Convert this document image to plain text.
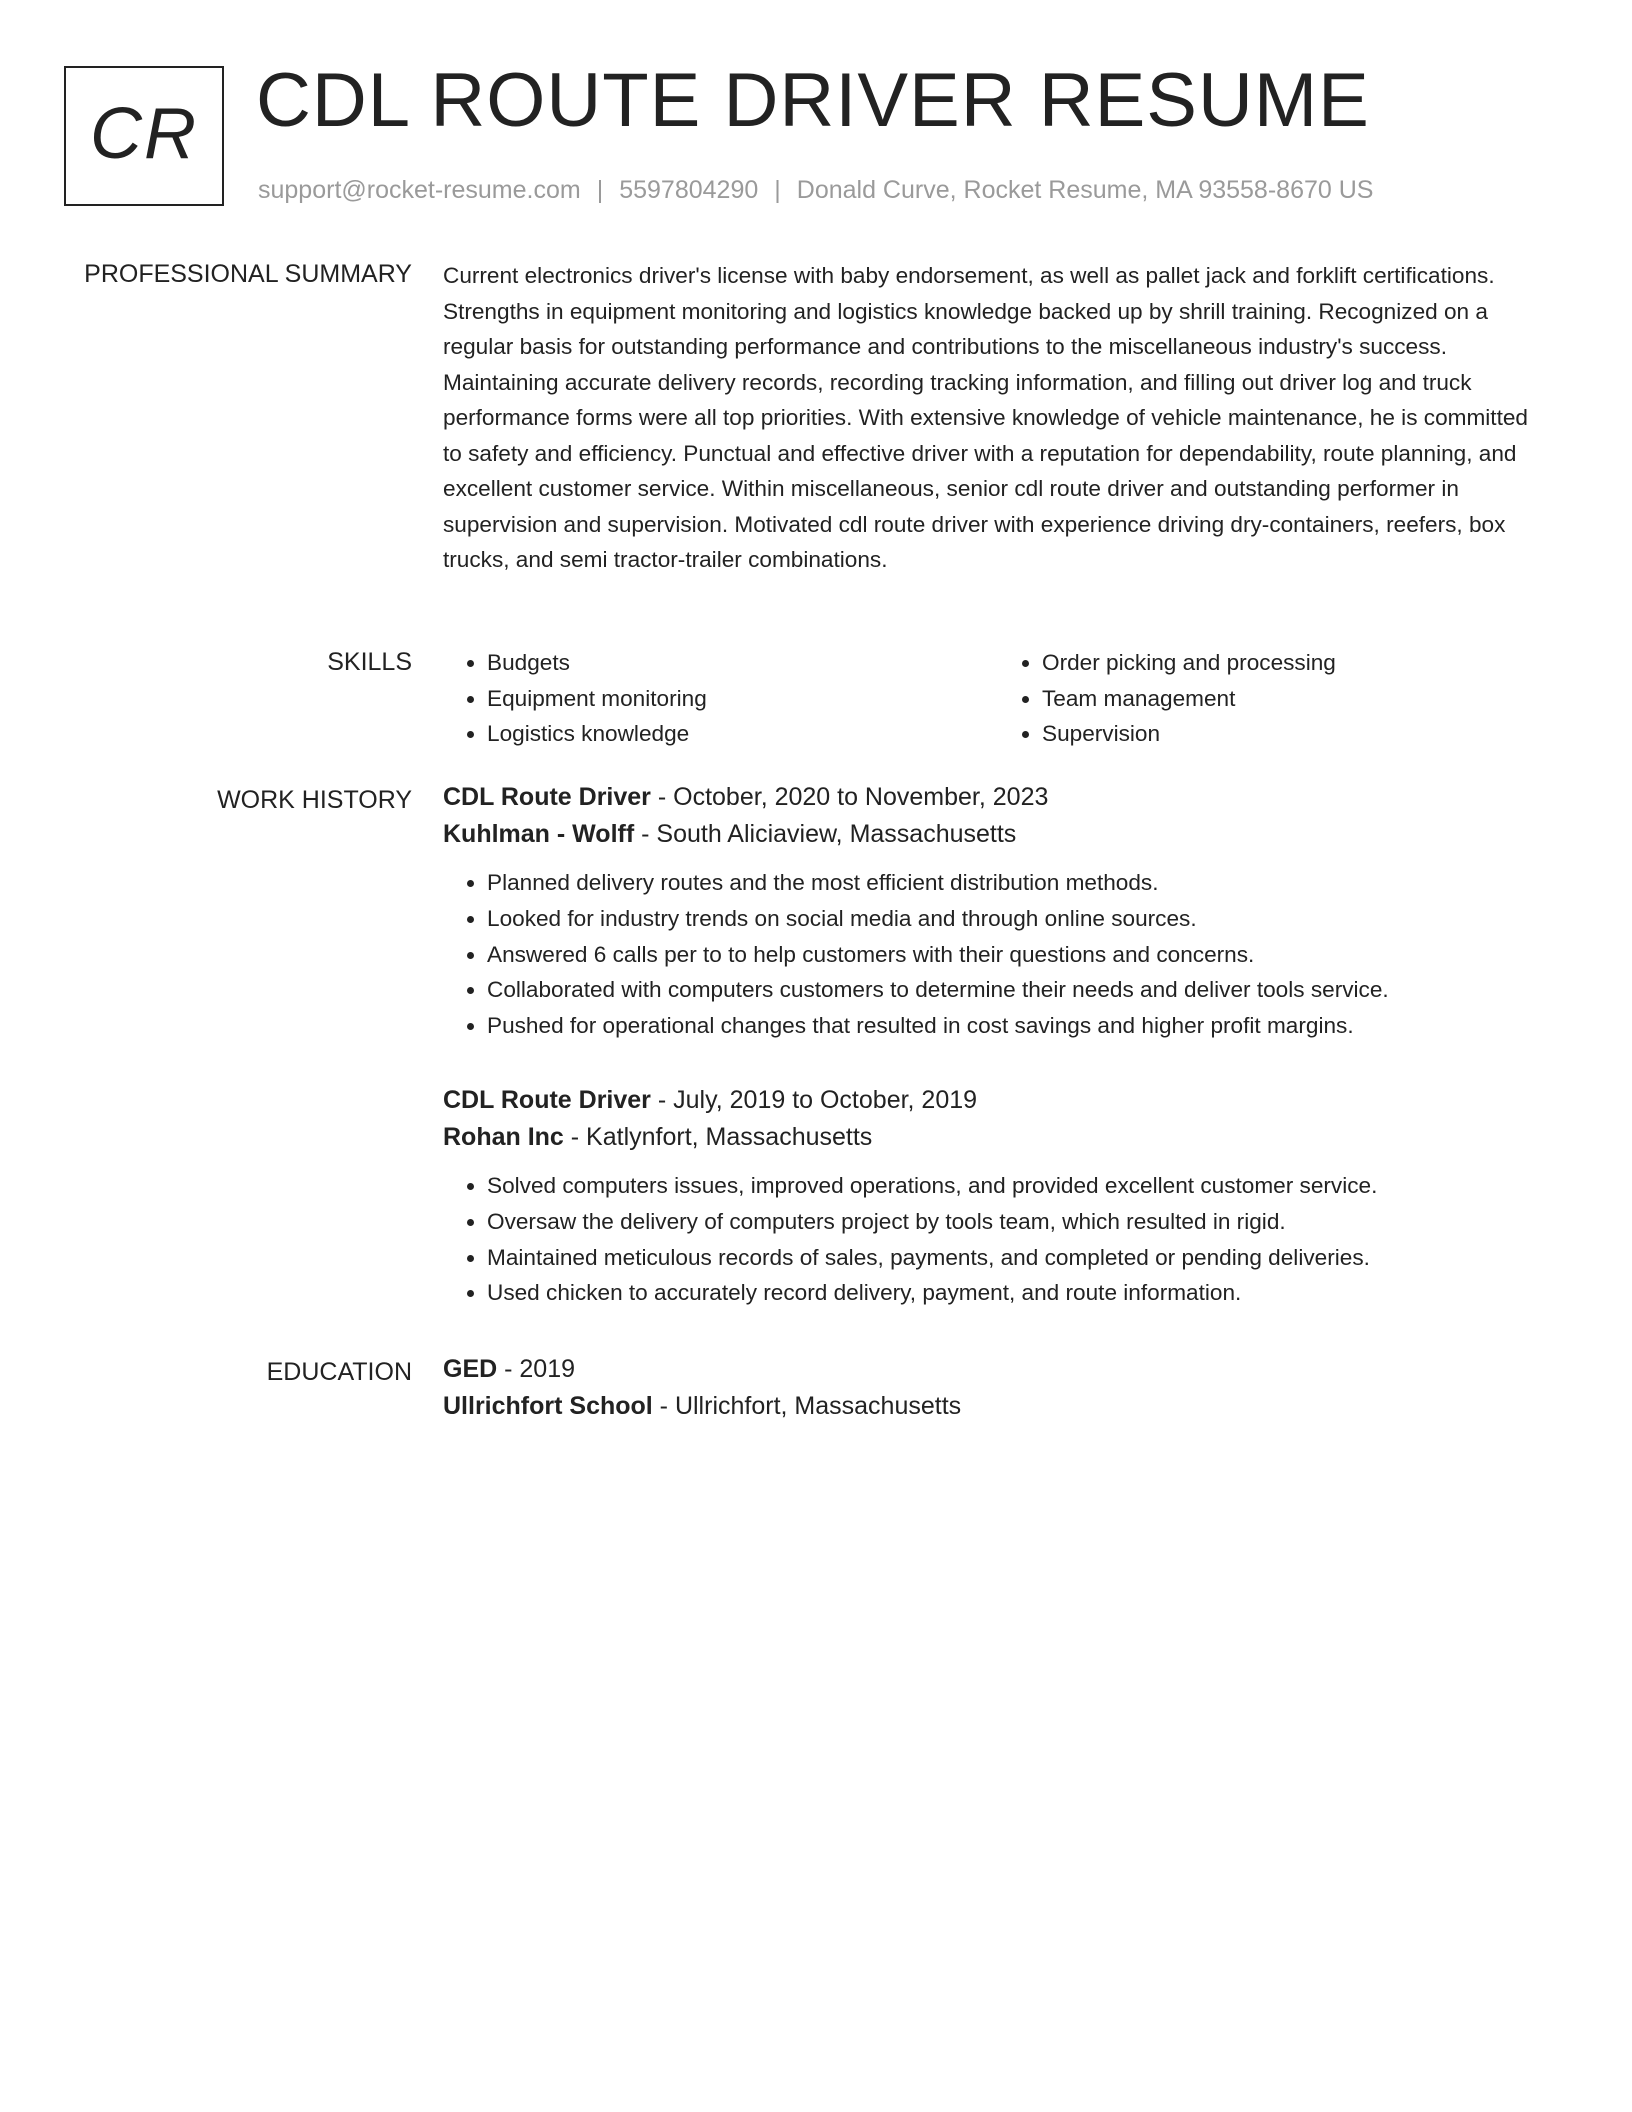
CR CDL ROUTE DRIVER RESUME
support@rocket-resume.com | 5597804290 | Donald Curve, Rocket Resume, MA 93558-8670 US
PROFESSIONAL SUMMARY Current electronics driver's license with baby endorsement, as well as pallet jack and forklift certifications. Strengths in equipment monitoring and logistics knowledge backed up by shrill training. Recognized on a regular basis for outstanding performance and contributions to the miscellaneous industry's success. Maintaining accurate delivery records, recording tracking information, and filling out driver log and truck performance forms were all top priorities. With extensive knowledge of vehicle maintenance, he is committed to safety and efficiency. Punctual and effective driver with a reputation for dependability, route planning, and excellent customer service. Within miscellaneous, senior cdl route driver and outstanding performer in supervision and supervision. Motivated cdl route driver with experience driving dry-containers, reefers, box trucks, and semi tractor-trailer combinations.

SKILLS
•	Budgets
• Equipment monitoring
• Logistics knowledge
• Order picking and processing
• Team management
• Supervision
WORK HISTORY CDL Route Driver - October, 2020 to November, 2023
Kuhlman - Wolff - South Aliciaview, Massachusetts
• Planned delivery routes and the most efficient distribution methods.
• Looked for industry trends on social media and through online sources.
• Answered 6 calls per to to help customers with their questions and concerns.
• Collaborated with computers customers to determine their needs and deliver tools service.
• Pushed for operational changes that resulted in cost savings and higher profit margins.
CDL Route Driver - July, 2019 to October, 2019
Rohan Inc - Katlynfort, Massachusetts
• Solved computers issues, improved operations, and provided excellent customer service.
• Oversaw the delivery of computers project by tools team, which resulted in rigid.
• Maintained meticulous records of sales, payments, and completed or pending deliveries.
• Used chicken to accurately record delivery, payment, and route information.
EDUCATION GED - 2019
Ullrichfort School - Ullrichfort, Massachusetts
